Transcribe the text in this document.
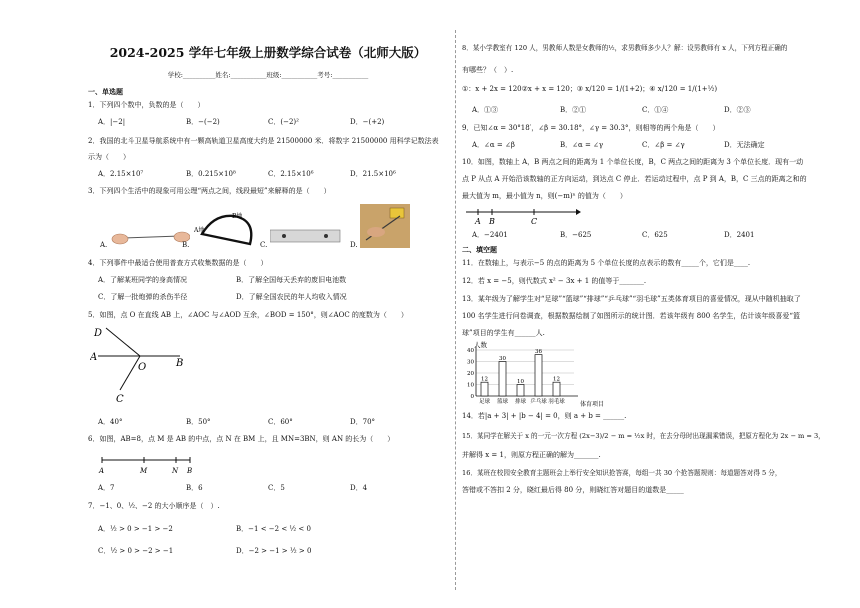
2024-2025 学年七年级上册数学综合试卷（北师大版）
学校:__________姓名:___________班级:___________考号:___________
一、单选题
1．下列四个数中，负数的是（　　）
A．|−2|	B．−(−2)	C．(−2)²	D．−(+2)
2．我国的北斗卫星导航系统中有一颗高轨道卫星高度大约是 21500000 米．将数字 21500000 用科学记数法表
示为（　　）
A．2.15×10⁷	B．0.215×10⁸	C．2.15×10⁶	D．21.5×10⁶
3．下列四个生活中的现象可用公理“两点之间，线段最短”来解释的是（　　）
A.	B.
A地
B地
C.	D.
4．下列事件中最适合使用普查方式收集数据的是（　　）
A．了解某班同学的身高情况	B．了解全国每天丢弃的废旧电池数
C．了解一批炮弹的杀伤半径	D．了解全国农民的年人均收入情况
5．如图，点 O 在直线 AB 上，∠AOC 与∠AOD 互余，∠BOD = 150°，则∠AOC 的度数为（　　）
A
B
D
C
O
A．40°	B．50°	C．60°	D．70°
6．如图，AB=8，点 M 是 AB 的中点，点 N 在 BM 上，且 MN=3BN，则 AN 的长为（　　）
A	M	N B
A．7	B．6	C．5	D．4
7．−1、0、½、−2 的大小顺序是（　）.
A．½ > 0 > −1 > −2	B．−1 < −2 < ½ < 0
C．½ > 0 > −2 > −1	D．−2 > −1 > ½ > 0
8．某小学教室有 120 人，男教师人数是女教师的½，求男教师多少人？解：设男教师有 x 人，下列方程正确的
有哪些？（　）.
①：x + 2x = 120②x + x = 120；③ x/120 = 1/(1+2)；④ x/120 = 1/(1+½)
A．①③	B．②①	C．①④	D．②③
9．已知∠α = 30°18′，∠β = 30.18°，∠γ = 30.3°，则相等的两个角是（　　）
A．∠α = ∠β	B．∠α = ∠γ	C．∠β = ∠γ	D．无法确定
10．如图，数轴上 A，B 两点之间的距离为 1 个单位长度，B，C 两点之间的距离为 3 个单位长度．现有一动
点 P 从点 A 开始沿该数轴的正方向运动，到达点 C 停止．若运动过程中，点 P 到 A，B，C 三点的距离之和的
最大值为 m，最小值为 n，则(−m)ⁿ 的值为（　　）
A B	C
A．−2401	B．−625	C．625	D．2401
二、填空题
11．在数轴上，与表示−5 的点的距离为 5 个单位长度的点表示的数有_____个，它们是____.
12．若 x = −5，则代数式 x² − 3x + 1 的值等于_______.
13．某年级为了解学生对“足球”“篮球”“排球”“乒乓球”“羽毛球”五类体育项目的喜爱情况，现从中随机抽取了
100 名学生进行问卷调查，根据数据绘制了如图所示的统计图．若该年级有 800 名学生，估计该年级喜爱“篮
球”项目的学生有______人.
人数
体育项目
0
10
20
30
40
12
足球
30
篮球
10
排球
36
乒乓球
12
羽毛球
14．若|a + 3| + |b − 4| = 0，则 a + b = ______.
15．某同学在解关于 x 的一元一次方程 (2x−3)/2 − m = ½x 时，在去分母时出现漏乘错误，把原方程化为 2x − m = 3，
并解得 x = 1，则原方程正确的解为_______.
16．某班在校园安全教育主题班会上举行安全知识抢答赛，每组一共 30 个抢答题规则：每道题答对得 5 分，
答错或不答扣 2 分，晓红最后得 80 分，则晓红答对题目的道数是_____
